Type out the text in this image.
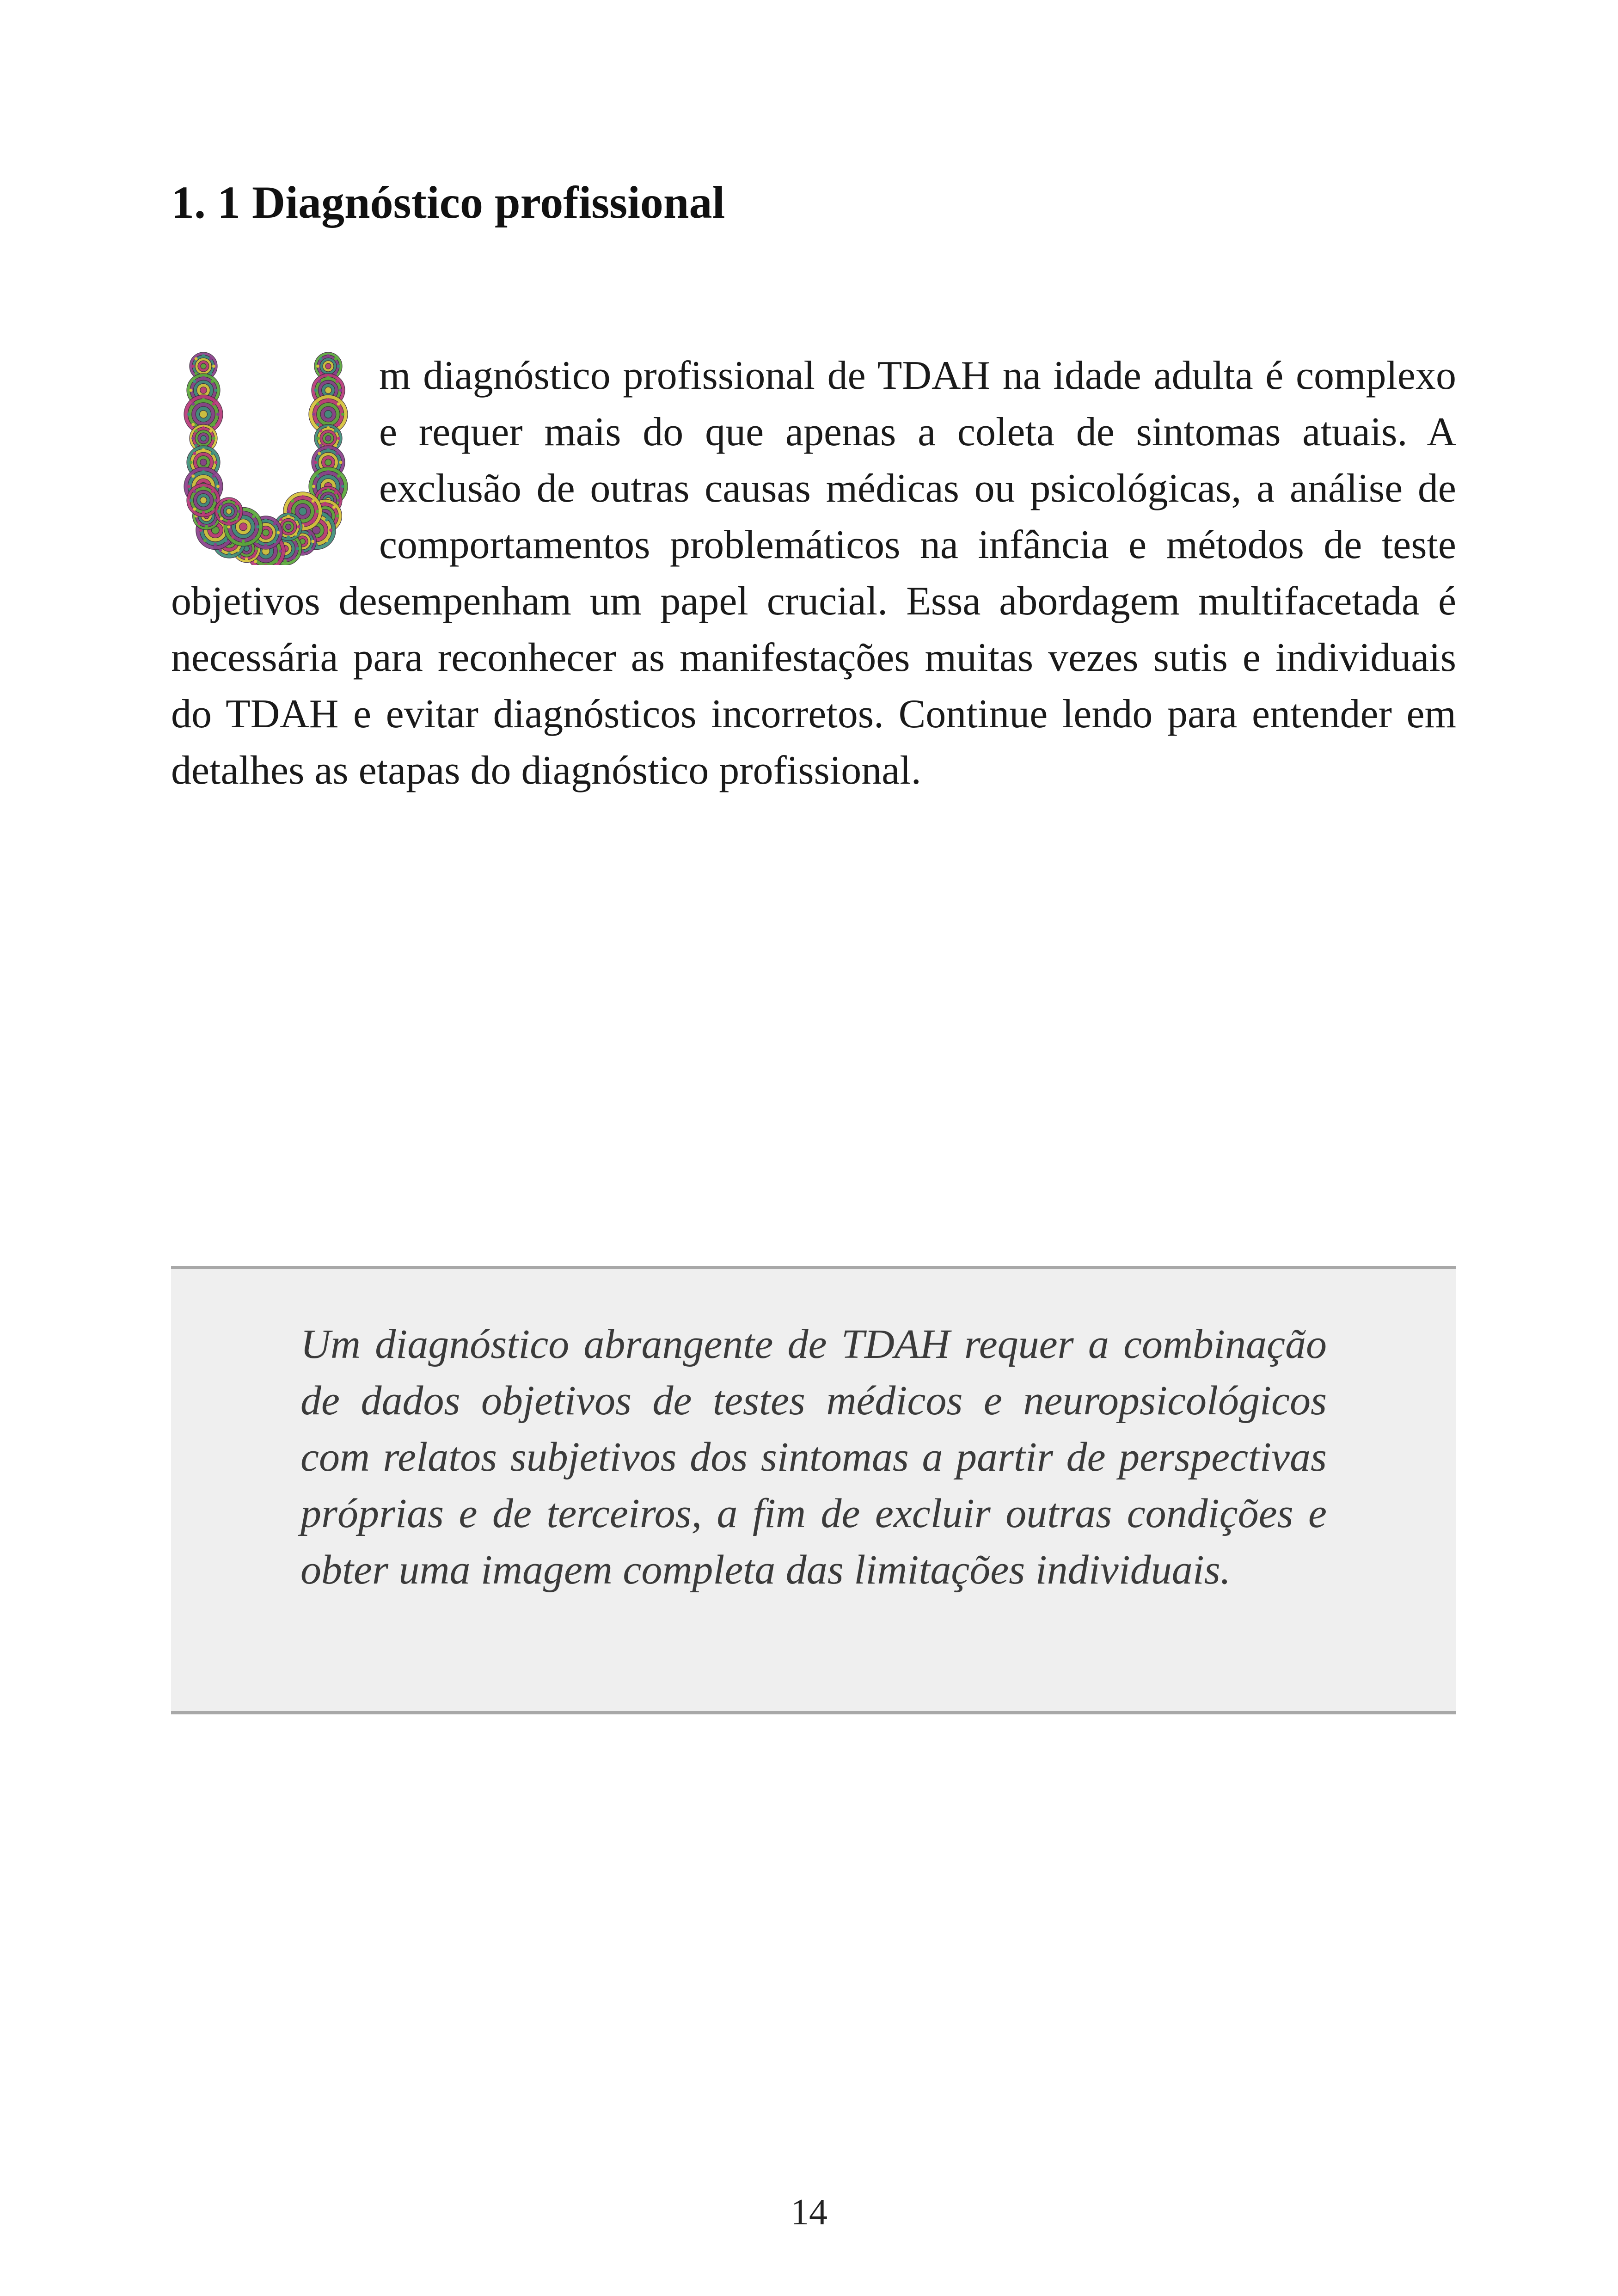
1. 1 Diagnóstico profissional

m diagnóstico profissional de TDAH na idade adulta é complexo e requer mais do que apenas a coleta de sintomas atuais. A exclusão de outras causas médicas ou psicológicas, a análise de comportamentos problemáticos na infância e métodos de teste objetivos desempenham um papel crucial. Essa abordagem multifacetada é necessária para reconhecer as manifestações muitas vezes sutis e individuais do TDAH e evitar diagnósticos incorretos. Continue lendo para entender em detalhes as etapas do diagnóstico profissional.

Um diagnóstico abrangente de TDAH requer a combinação de dados objetivos de testes médicos e neuropsicológicos com relatos subjetivos dos sintomas a partir de perspectivas próprias e de terceiros, a fim de excluir outras condições e obter uma imagem completa das limitações individuais.

14
